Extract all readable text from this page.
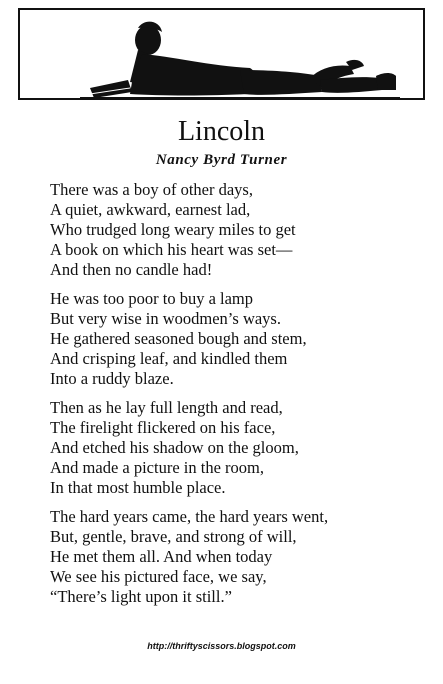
Lincoln
Nancy Byrd Turner
There was a boy of other days,
A quiet, awkward, earnest lad,
Who trudged long weary miles to get
A book on which his heart was set—
And then no candle had!
He was too poor to buy a lamp
But very wise in woodmen’s ways.
He gathered seasoned bough and stem,
And crisping leaf, and kindled them
Into a ruddy blaze.
Then as he lay full length and read,
The firelight flickered on his face,
And etched his shadow on the gloom,
And made a picture in the room,
In that most humble place.
The hard years came, the hard years went,
But, gentle, brave, and strong of will,
He met them all. And when today
We see his pictured face, we say,
“There’s light upon it still.”
http://thriftyscissors.blogspot.com
